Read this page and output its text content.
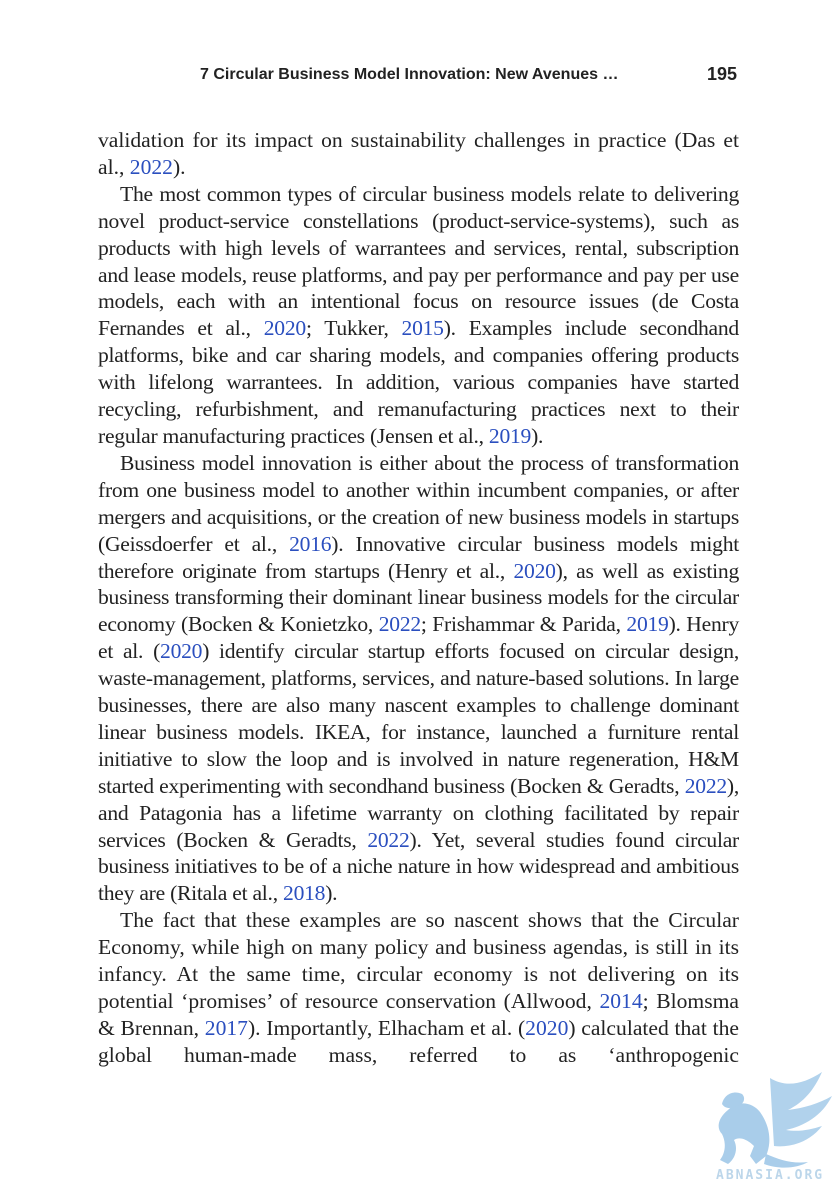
7 Circular Business Model Innovation: New Avenues …	195

validation for its impact on sustainability challenges in practice (Das et al., 2022).

The most common types of circular business models relate to delivering novel product-service constellations (product-service-systems), such as products with high levels of warrantees and services, rental, subscription and lease models, reuse platforms, and pay per performance and pay per use models, each with an intentional focus on resource issues (de Costa Fernandes et al., 2020; Tukker, 2015). Examples include secondhand platforms, bike and car sharing models, and companies offering products with lifelong warrantees. In addition, various companies have started recycling, refurbishment, and remanufacturing practices next to their regular manufacturing practices (Jensen et al., 2019).

Business model innovation is either about the process of transformation from one business model to another within incumbent companies, or after mergers and acquisitions, or the creation of new business models in startups (Geissdoerfer et al., 2016). Innovative circular business models might therefore originate from startups (Henry et al., 2020), as well as existing business transforming their dominant linear business models for the circular economy (Bocken & Konietzko, 2022; Frishammar & Parida, 2019). Henry et al. (2020) identify circular startup efforts focused on circular design, waste-management, platforms, services, and nature-based solutions. In large businesses, there are also many nascent examples to challenge dominant linear business models. IKEA, for instance, launched a furniture rental initiative to slow the loop and is involved in nature regeneration, H&M started experimenting with secondhand business (Bocken & Geradts, 2022), and Patagonia has a lifetime warranty on clothing facilitated by repair services (Bocken & Geradts, 2022). Yet, several studies found circular business initiatives to be of a niche nature in how widespread and ambitious they are (Ritala et al., 2018).

The fact that these examples are so nascent shows that the Circular Economy, while high on many policy and business agendas, is still in its infancy. At the same time, circular economy is not delivering on its potential ‘promises’ of resource conservation (Allwood, 2014; Blomsma & Brennan, 2017). Importantly, Elhacham et al. (2020) calculated that the global human-made mass, referred to as ‘anthropogenic

ABNASIA.ORG
